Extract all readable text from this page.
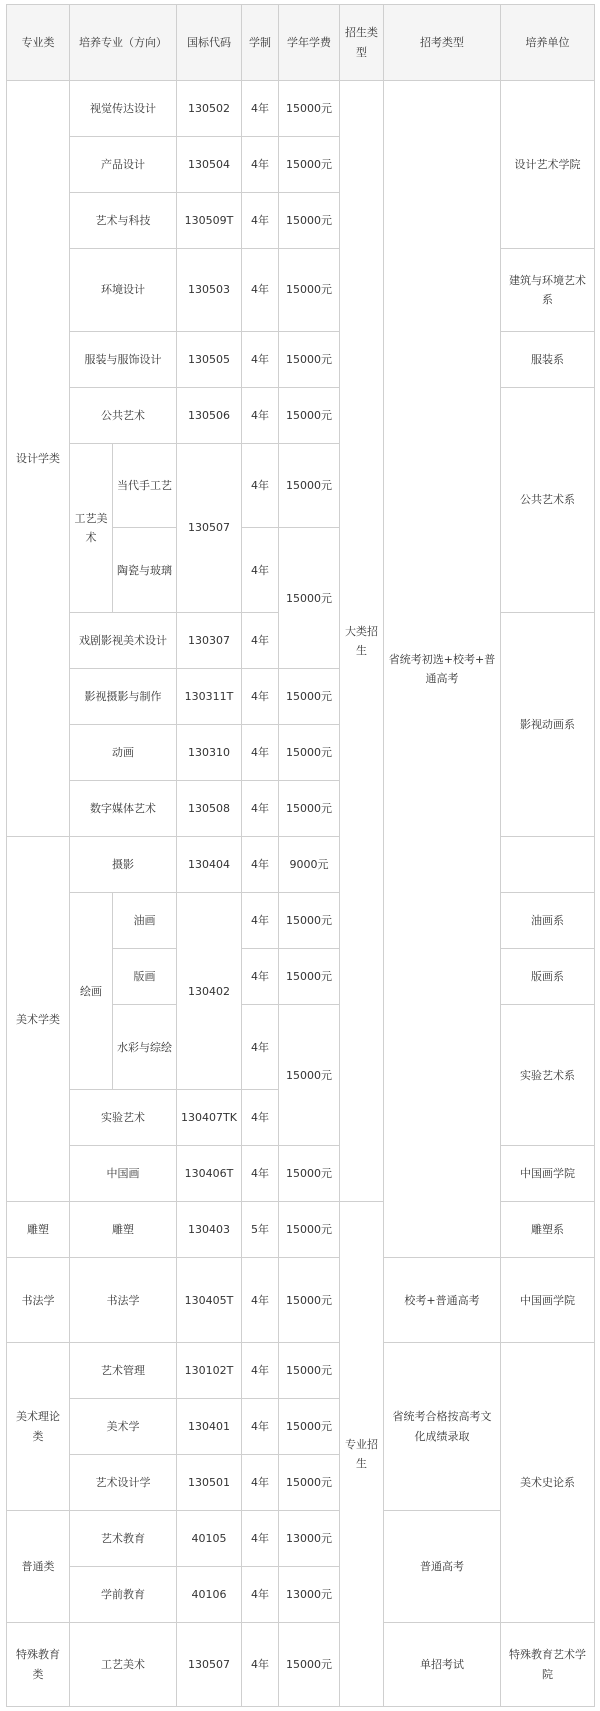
专业类	培养专业（方向）		国标代码	学制	学年学费	招生类型	招考类型	培养单位
设计学类	视觉传达设计		130502	4年	15000元	大类招生	省统考初选+校考+普通高考	设计艺术学院
	产品设计		130504	4年	15000元			
	艺术与科技		130509T	4年	15000元			
	环境设计		130503	4年	15000元			建筑与环境艺术系
	服装与服饰设计		130505	4年	15000元			服装系
	公共艺术		130506	4年	15000元			公共艺术系
	工艺美术	当代手工艺	130507	4年	15000元			
		陶瓷与玻璃		4年	15000元			
	戏剧影视美术设计		130307	4年				影视动画系
	影视摄影与制作		130311T	4年	15000元			
	动画		130310	4年	15000元			
	数字媒体艺术		130508	4年	15000元			
美术学类	摄影		130404	4年	9000元			
	绘画	油画	130402	4年	15000元			油画系
		版画		4年	15000元			版画系
		水彩与综绘		4年	15000元			实验艺术系
	实验艺术		130407TK	4年				
	中国画		130406T	4年	15000元			中国画学院
雕塑	雕塑		130403	5年	15000元	专业招生		雕塑系
书法学	书法学		130405T	4年	15000元		校考+普通高考	中国画学院
美术理论类	艺术管理		130102T	4年	15000元		省统考合格按高考文化成绩录取	美术史论系
	美术学		130401	4年	15000元			
	艺术设计学		130501	4年	15000元			
普通类	艺术教育		40105	4年	13000元		普通高考	
	学前教育		40106	4年	13000元			
特殊教育类	工艺美术		130507	4年	15000元		单招考试	特殊教育艺术学院
